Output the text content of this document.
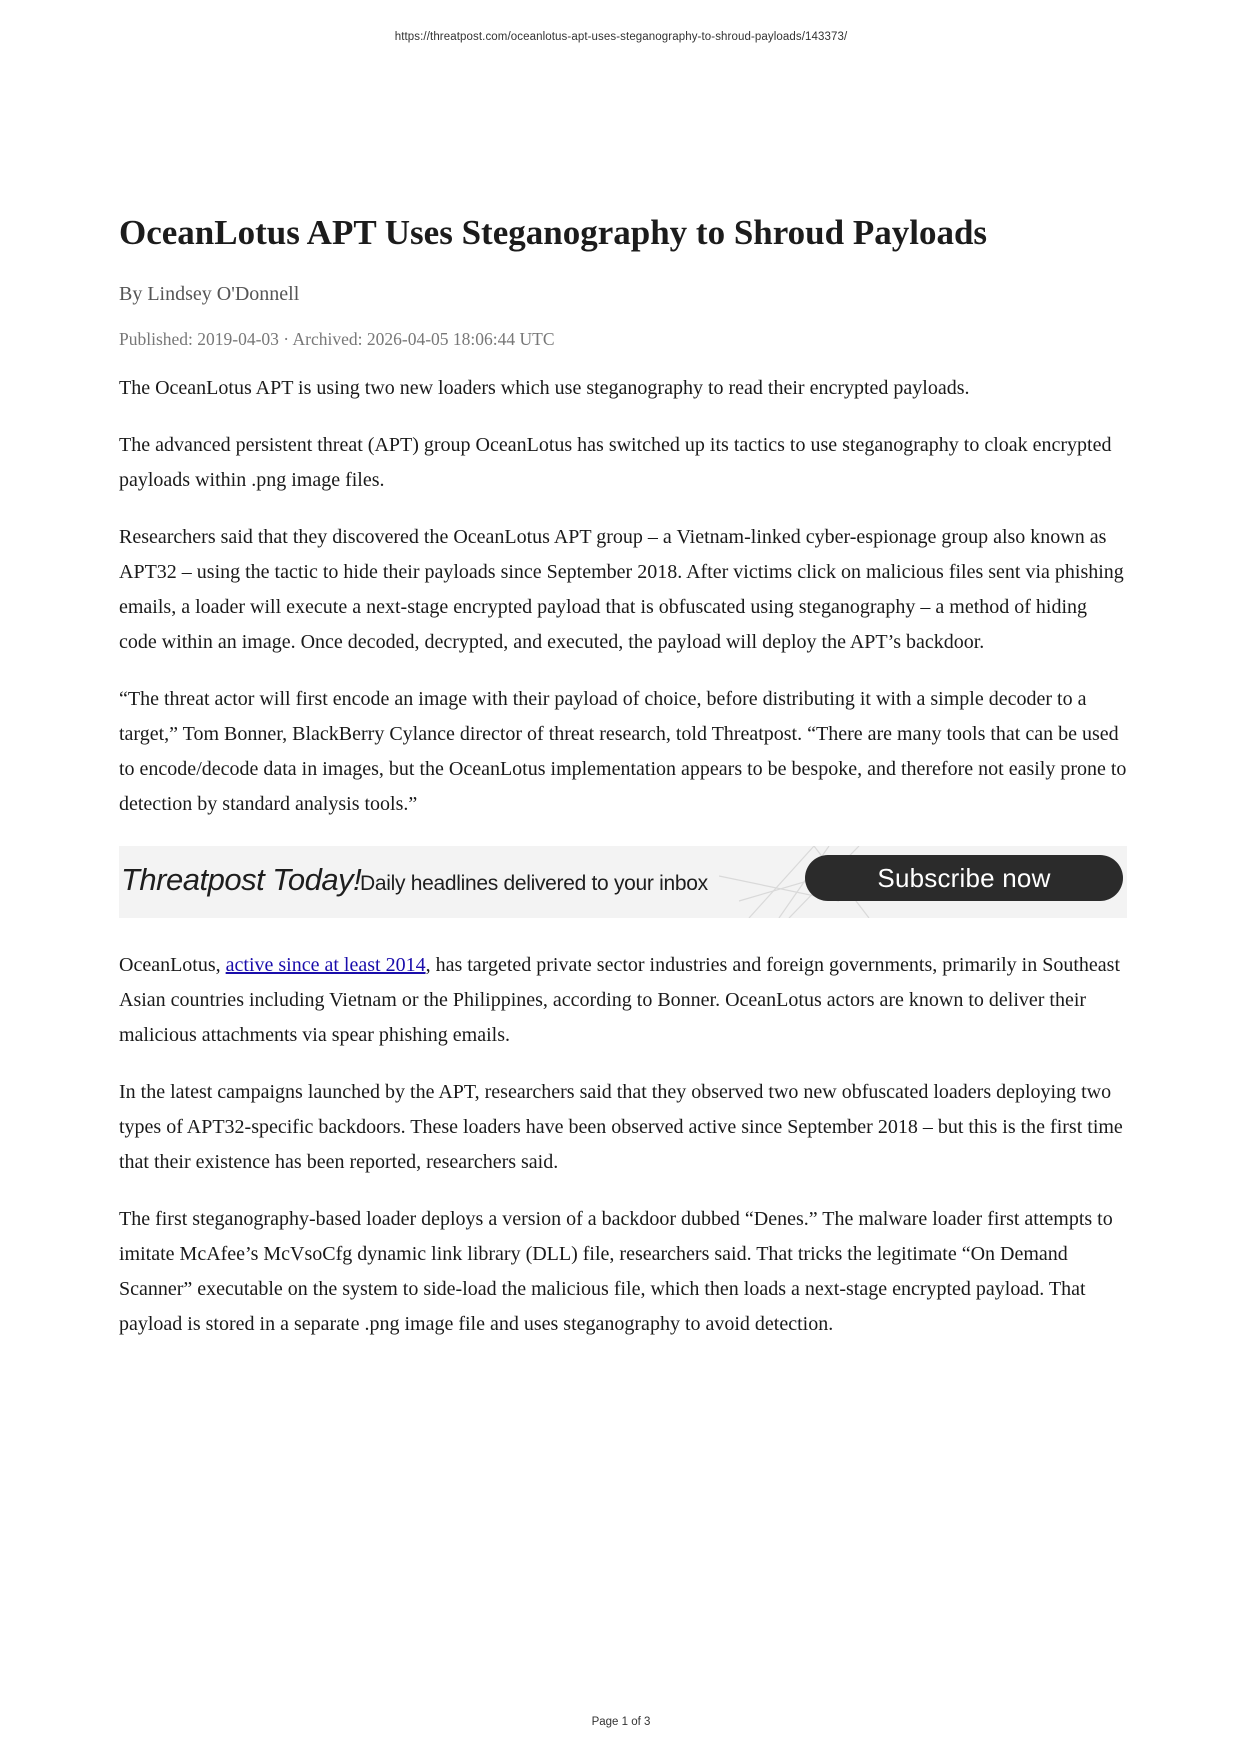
https://threatpost.com/oceanlotus-apt-uses-steganography-to-shroud-payloads/143373/
OceanLotus APT Uses Steganography to Shroud Payloads
By Lindsey O'Donnell
Published: 2019-04-03 · Archived: 2026-04-05 18:06:44 UTC

The OceanLotus APT is using two new loaders which use steganography to read their encrypted payloads.

The advanced persistent threat (APT) group OceanLotus has switched up its tactics to use steganography to cloak encrypted payloads within .png image files.

Researchers said that they discovered the OceanLotus APT group – a Vietnam-linked cyber-espionage group also known as APT32 – using the tactic to hide their payloads since September 2018. After victims click on malicious files sent via phishing emails, a loader will execute a next-stage encrypted payload that is obfuscated using steganography – a method of hiding code within an image. Once decoded, decrypted, and executed, the payload will deploy the APT’s backdoor.

“The threat actor will first encode an image with their payload of choice, before distributing it with a simple decoder to a target,” Tom Bonner, BlackBerry Cylance director of threat research, told Threatpost. “There are many tools that can be used to encode/decode data in images, but the OceanLotus implementation appears to be bespoke, and therefore not easily prone to detection by standard analysis tools.”

Threatpost Today!
Daily headlines delivered to your inbox	Subscribe now

OceanLotus, active since at least 2014, has targeted private sector industries and foreign governments, primarily in Southeast Asian countries including Vietnam or the Philippines, according to Bonner. OceanLotus actors are known to deliver their malicious attachments via spear phishing emails.

In the latest campaigns launched by the APT, researchers said that they observed two new obfuscated loaders deploying two types of APT32-specific backdoors. These loaders have been observed active since September 2018 – but this is the first time that their existence has been reported, researchers said.

The first steganography-based loader deploys a version of a backdoor dubbed “Denes.” The malware loader first attempts to imitate McAfee’s McVsoCfg dynamic link library (DLL) file, researchers said. That tricks the legitimate “On Demand Scanner” executable on the system to side-load the malicious file, which then loads a next-stage encrypted payload. That payload is stored in a separate .png image file and uses steganography to avoid detection.

Page 1 of 3
